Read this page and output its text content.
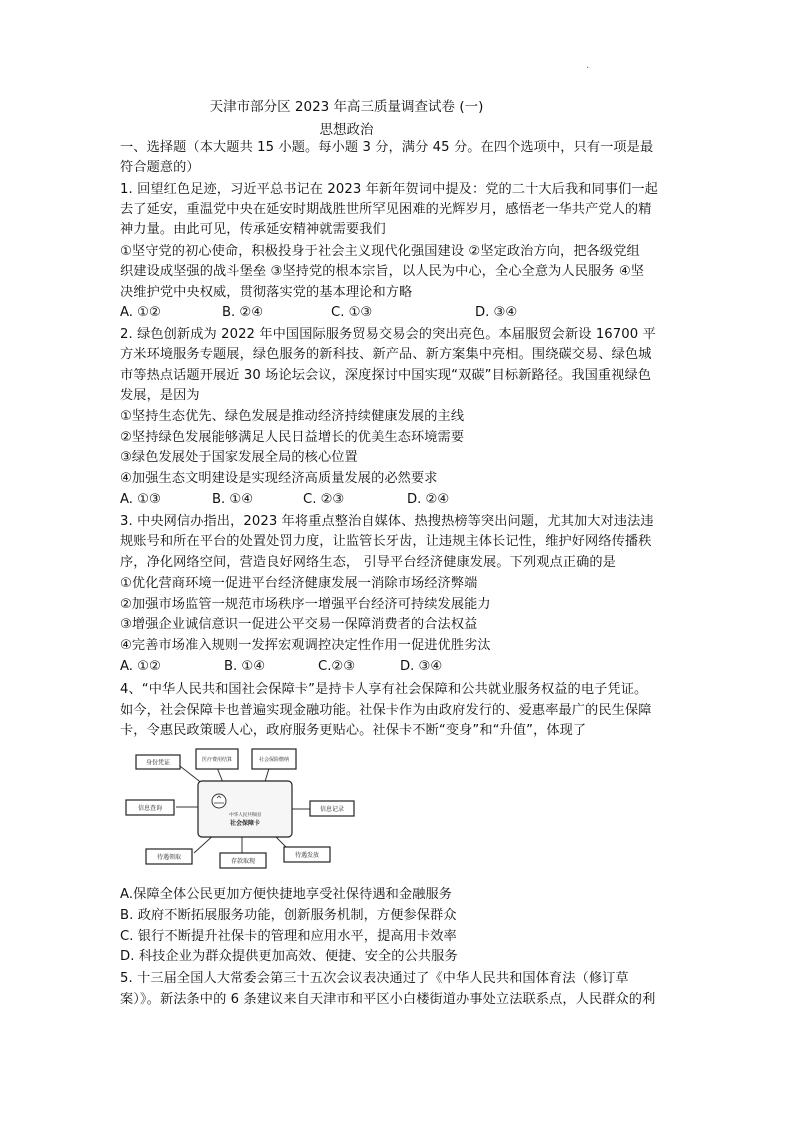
.
天津市部分区 2023 年高三质量调查试卷 (一)
思想政治
一、选择题（本大题共 15 小题。每小题 3 分，满分 45 分。在四个选项中，只有一项是最
符合题意的）
1. 回望红色足迹，习近平总书记在 2023 年新年贺词中提及：党的二十大后我和同事们一起
去了延安，重温党中央在延安时期战胜世所罕见困难的光辉岁月，感悟老一华共产党人的精
神力量。由此可见，传承延安精神就需要我们
①坚守党的初心使命，积极投身于社会主义现代化强国建设 ②坚定政治方向，把各级党组
织建设成坚强的战斗堡垒 ③坚持党的根本宗旨，以人民为中心，全心全意为人民服务 ④坚
决维护党中央权威，贯彻落实党的基本理论和方略
A. ①②	B. ②④	C. ①③	D. ③④
2. 绿色创新成为 2022 年中国国际服务贸易交易会的突出亮色。本届服贸会新设 16700 平
方米环境服务专题展，绿色服务的新科技、新产品、新方案集中亮相。围绕碳交易、绿色城
市等热点话题开展近 30 场论坛会议，深度探讨中国实现“双碳”目标新路径。我国重视绿色
发展，是因为
①坚持生态优先、绿色发展是推动经济持续健康发展的主线
②坚持绿色发展能够满足人民日益增长的优美生态环境需要
③绿色发展处于国家发展全局的核心位置
④加强生态文明建设是实现经济高质量发展的必然要求
A. ①③	B. ①④	C. ②③	D. ②④
3. 中央网信办指出，2023 年将重点整治自媒体、热搜热榜等突出问题，尤其加大对违法违
规账号和所在平台的处置处罚力度，让监管长牙齿，让违规主体长记性，维护好网络传播秩
序，净化网络空间，营造良好网络生态， 引导平台经济健康发展。下列观点正确的是
①优化营商环境一促进平台经济健康发展一消除市场经济弊端
②加强市场监管一规范市场秩序一增强平台经济可持续发展能力
③增强企业诚信意识一促进公平交易一保障消费者的合法权益
④完善市场准入规则一发挥宏观调控决定性作用一促进优胜劣汰
A. ①②	B. ①④	C.②③	D. ③④
4、“中华人民共和国社会保障卡”是持卡人享有社会保障和公共就业服务权益的电子凭证。
如今，社会保障卡也普遍实现金融功能。社保卡作为由政府发行的、爱惠率最广的民生保障
卡，令惠民政策暖人心，政府服务更贴心。社保卡不断“变身”和“升值”，体现了
中华人民共和国
社会保障卡
身份凭证	医疗费用结算	社会保险缴纳
信息查询	信息记录
待遇领取
存款取现
待遇发放
A.保障全体公民更加方便快捷地享受社保待遇和金融服务
B. 政府不断拓展服务功能，创新服务机制，方便参保群众
C. 银行不断提升社保卡的管理和应用水平，提高用卡效率
D. 科技企业为群众提供更加高效、便捷、安全的公共服务
5. 十三届全国人大常委会第三十五次会议表决通过了《中华人民共和国体育法（修订草
案）》。新法条中的 6 条建议来自天津市和平区小白楼街道办事处立法联系点，人民群众的利
